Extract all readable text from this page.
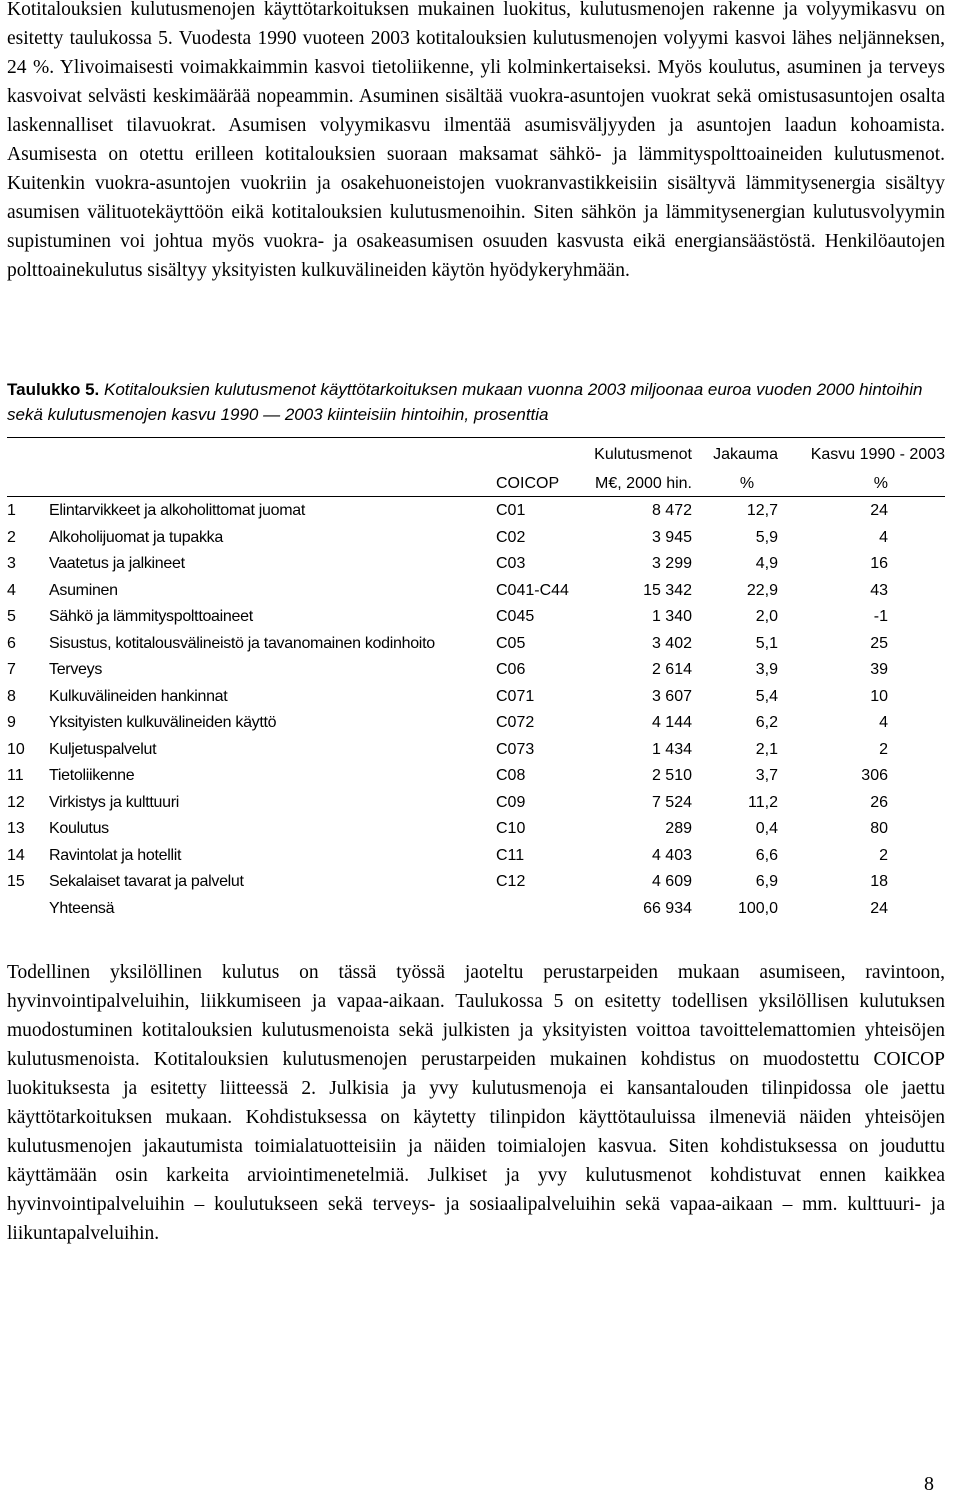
Kotitalouksien kulutusmenojen käyttötarkoituksen mukainen luokitus, kulutusmenojen rakenne ja volyymikasvu on esitetty taulukossa 5. Vuodesta 1990 vuoteen 2003 kotitalouksien kulutusmenojen volyymi kasvoi lähes neljänneksen, 24 %. Ylivoimaisesti voimakkaimmin kasvoi tietoliikenne, yli kolminkertaiseksi. Myös koulutus, asuminen ja terveys kasvoivat selvästi keskimäärää nopeammin. Asuminen sisältää vuokra-asuntojen vuokrat sekä omistusasuntojen osalta laskennalliset tilavuokrat. Asumisen volyymikasvu ilmentää asumisväljyyden ja asuntojen laadun kohoamista. Asumisesta on otettu erilleen kotitalouksien suoraan maksamat sähkö- ja lämmityspolttoaineiden kulutusmenot. Kuitenkin vuokra-asuntojen vuokriin ja osakehuoneistojen vuokranvastikkeisiin sisältyvä lämmitysenergia sisältyy asumisen välituotekäyttöön eikä kotitalouksien kulutusmenoihin. Siten sähkön ja lämmitysenergian kulutusvolyymin supistuminen voi johtua myös vuokra- ja osakeasumisen osuuden kasvusta eikä energiansäästöstä. Henkilöautojen polttoainekulutus sisältyy yksityisten kulkuvälineiden käytön hyödykeryhmään.

Taulukko 5. Kotitalouksien kulutusmenot käyttötarkoituksen mukaan vuonna 2003 miljoonaa euroa vuoden 2000 hintoihin sekä kulutusmenojen kasvu 1990 — 2003 kiinteisiin hintoihin, prosenttia

			Kulutusmenot	Jakauma	Kasvu 1990 - 2003	
		COICOP	M€, 2000 hin.	%	%	
1	Elintarvikkeet ja alkoholittomat juomat	C01	8 472	12,7	24	
2	Alkoholijuomat ja tupakka	C02	3 945	5,9	4	
3	Vaatetus ja jalkineet	C03	3 299	4,9	16	
4	Asuminen	C041-C44	15 342	22,9	43	
5	Sähkö ja lämmityspolttoaineet	C045	1 340	2,0	-1	
6	Sisustus, kotitalousvälineistö ja tavanomainen kodinhoito	C05	3 402	5,1	25	
7	Terveys	C06	2 614	3,9	39	
8	Kulkuvälineiden hankinnat	C071	3 607	5,4	10	
9	Yksityisten kulkuvälineiden käyttö	C072	4 144	6,2	4	
10	Kuljetuspalvelut	C073	1 434	2,1	2	
11	Tietoliikenne	C08	2 510	3,7	306	
12	Virkistys ja kulttuuri	C09	7 524	11,2	26	
13	Koulutus	C10	289	0,4	80	
14	Ravintolat ja hotellit	C11	4 403	6,6	2	
15	Sekalaiset tavarat ja palvelut	C12	4 609	6,9	18	
	Yhteensä		66 934	100,0	24	

Todellinen yksilöllinen kulutus on tässä työssä jaoteltu perustarpeiden mukaan asumiseen, ravintoon, hyvinvointipalveluihin, liikkumiseen ja vapaa-aikaan. Taulukossa 5 on esitetty todellisen yksilöllisen kulutuksen muodostuminen kotitalouksien kulutusmenoista sekä julkisten ja yksityisten voittoa tavoittelemattomien yhteisöjen kulutusmenoista. Kotitalouksien kulutusmenojen perustarpeiden mukainen kohdistus on muodostettu COICOP luokituksesta ja esitetty liitteessä 2. Julkisia ja yvy kulutusmenoja ei kansantalouden tilinpidossa ole jaettu käyttötarkoituksen mukaan. Kohdistuksessa on käytetty tilinpidon käyttötauluissa ilmeneviä näiden yhteisöjen kulutusmenojen jakautumista toimialatuotteisiin ja näiden toimialojen kasvua. Siten kohdistuksessa on jouduttu käyttämään osin karkeita arviointimenetelmiä. Julkiset ja yvy kulutusmenot kohdistuvat ennen kaikkea hyvinvointipalveluihin – koulutukseen sekä terveys- ja sosiaalipalveluihin sekä vapaa-aikaan – mm. kulttuuri- ja liikuntapalveluihin.

8
